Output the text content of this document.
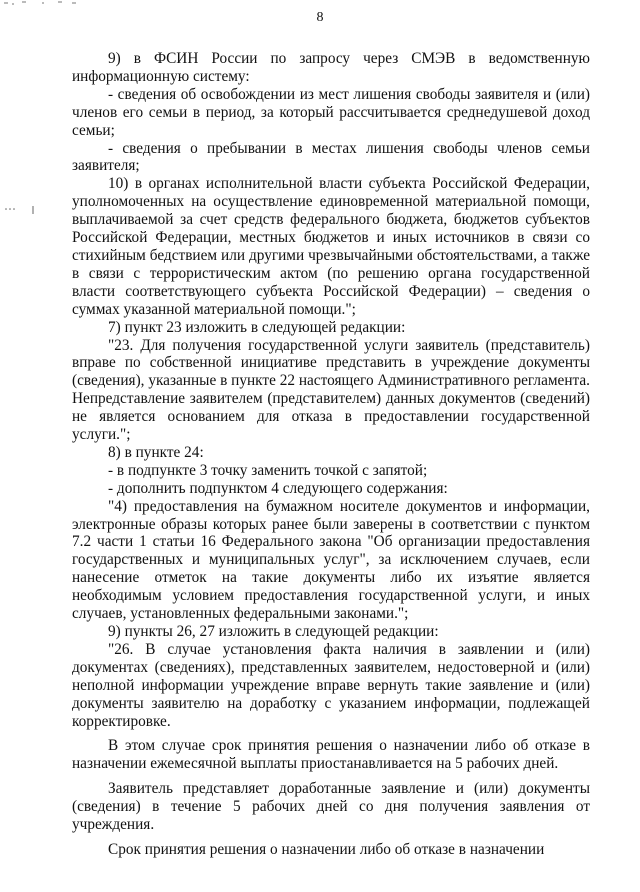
8

9) в ФСИН России по запросу через СМЭВ в ведомственную информационную систему:

- сведения об освобождении из мест лишения свободы заявителя и (или) членов его семьи в период, за который рассчитывается среднедушевой доход семьи;

- сведения о пребывании в местах лишения свободы членов семьи заявителя;

10) в органах исполнительной власти субъекта Российской Федерации, уполномоченных на осуществление единовременной материальной помощи, выплачиваемой за счет средств федерального бюджета, бюджетов субъектов Российской Федерации, местных бюджетов и иных источников в связи со стихийным бедствием или другими чрезвычайными обстоятельствами, а также в связи с террористическим актом (по решению органа государственной власти соответствующего субъекта Российской Федерации) – сведения о суммах указанной материальной помощи.";

7) пункт 23 изложить в следующей редакции:

"23. Для получения государственной услуги заявитель (представитель) вправе по собственной инициативе представить в учреждение документы (сведения), указанные в пункте 22 настоящего Административного регламента. Непредставление заявителем (представителем) данных документов (сведений) не является основанием для отказа в предоставлении государственной услуги.";

8) в пункте 24:

- в подпункте 3 точку заменить точкой с запятой;

- дополнить подпунктом 4 следующего содержания:

"4) предоставления на бумажном носителе документов и информации, электронные образы которых ранее были заверены в соответствии с пунктом 7.2 части 1 статьи 16 Федерального закона "Об организации предоставления государственных и муниципальных услуг", за исключением случаев, если нанесение отметок на такие документы либо их изъятие является необходимым условием предоставления государственной услуги, и иных случаев, установленных федеральными законами.";

9) пункты 26, 27 изложить в следующей редакции:

"26. В случае установления факта наличия в заявлении и (или) документах (сведениях), представленных заявителем, недостоверной и (или) неполной информации учреждение вправе вернуть такие заявление и (или) документы заявителю на доработку с указанием информации, подлежащей корректировке.

В этом случае срок принятия решения о назначении либо об отказе в назначении ежемесячной выплаты приостанавливается на 5 рабочих дней.

Заявитель представляет доработанные заявление и (или) документы (сведения) в течение 5 рабочих дней со дня получения заявления от учреждения.

Срок принятия решения о назначении либо об отказе в назначении
